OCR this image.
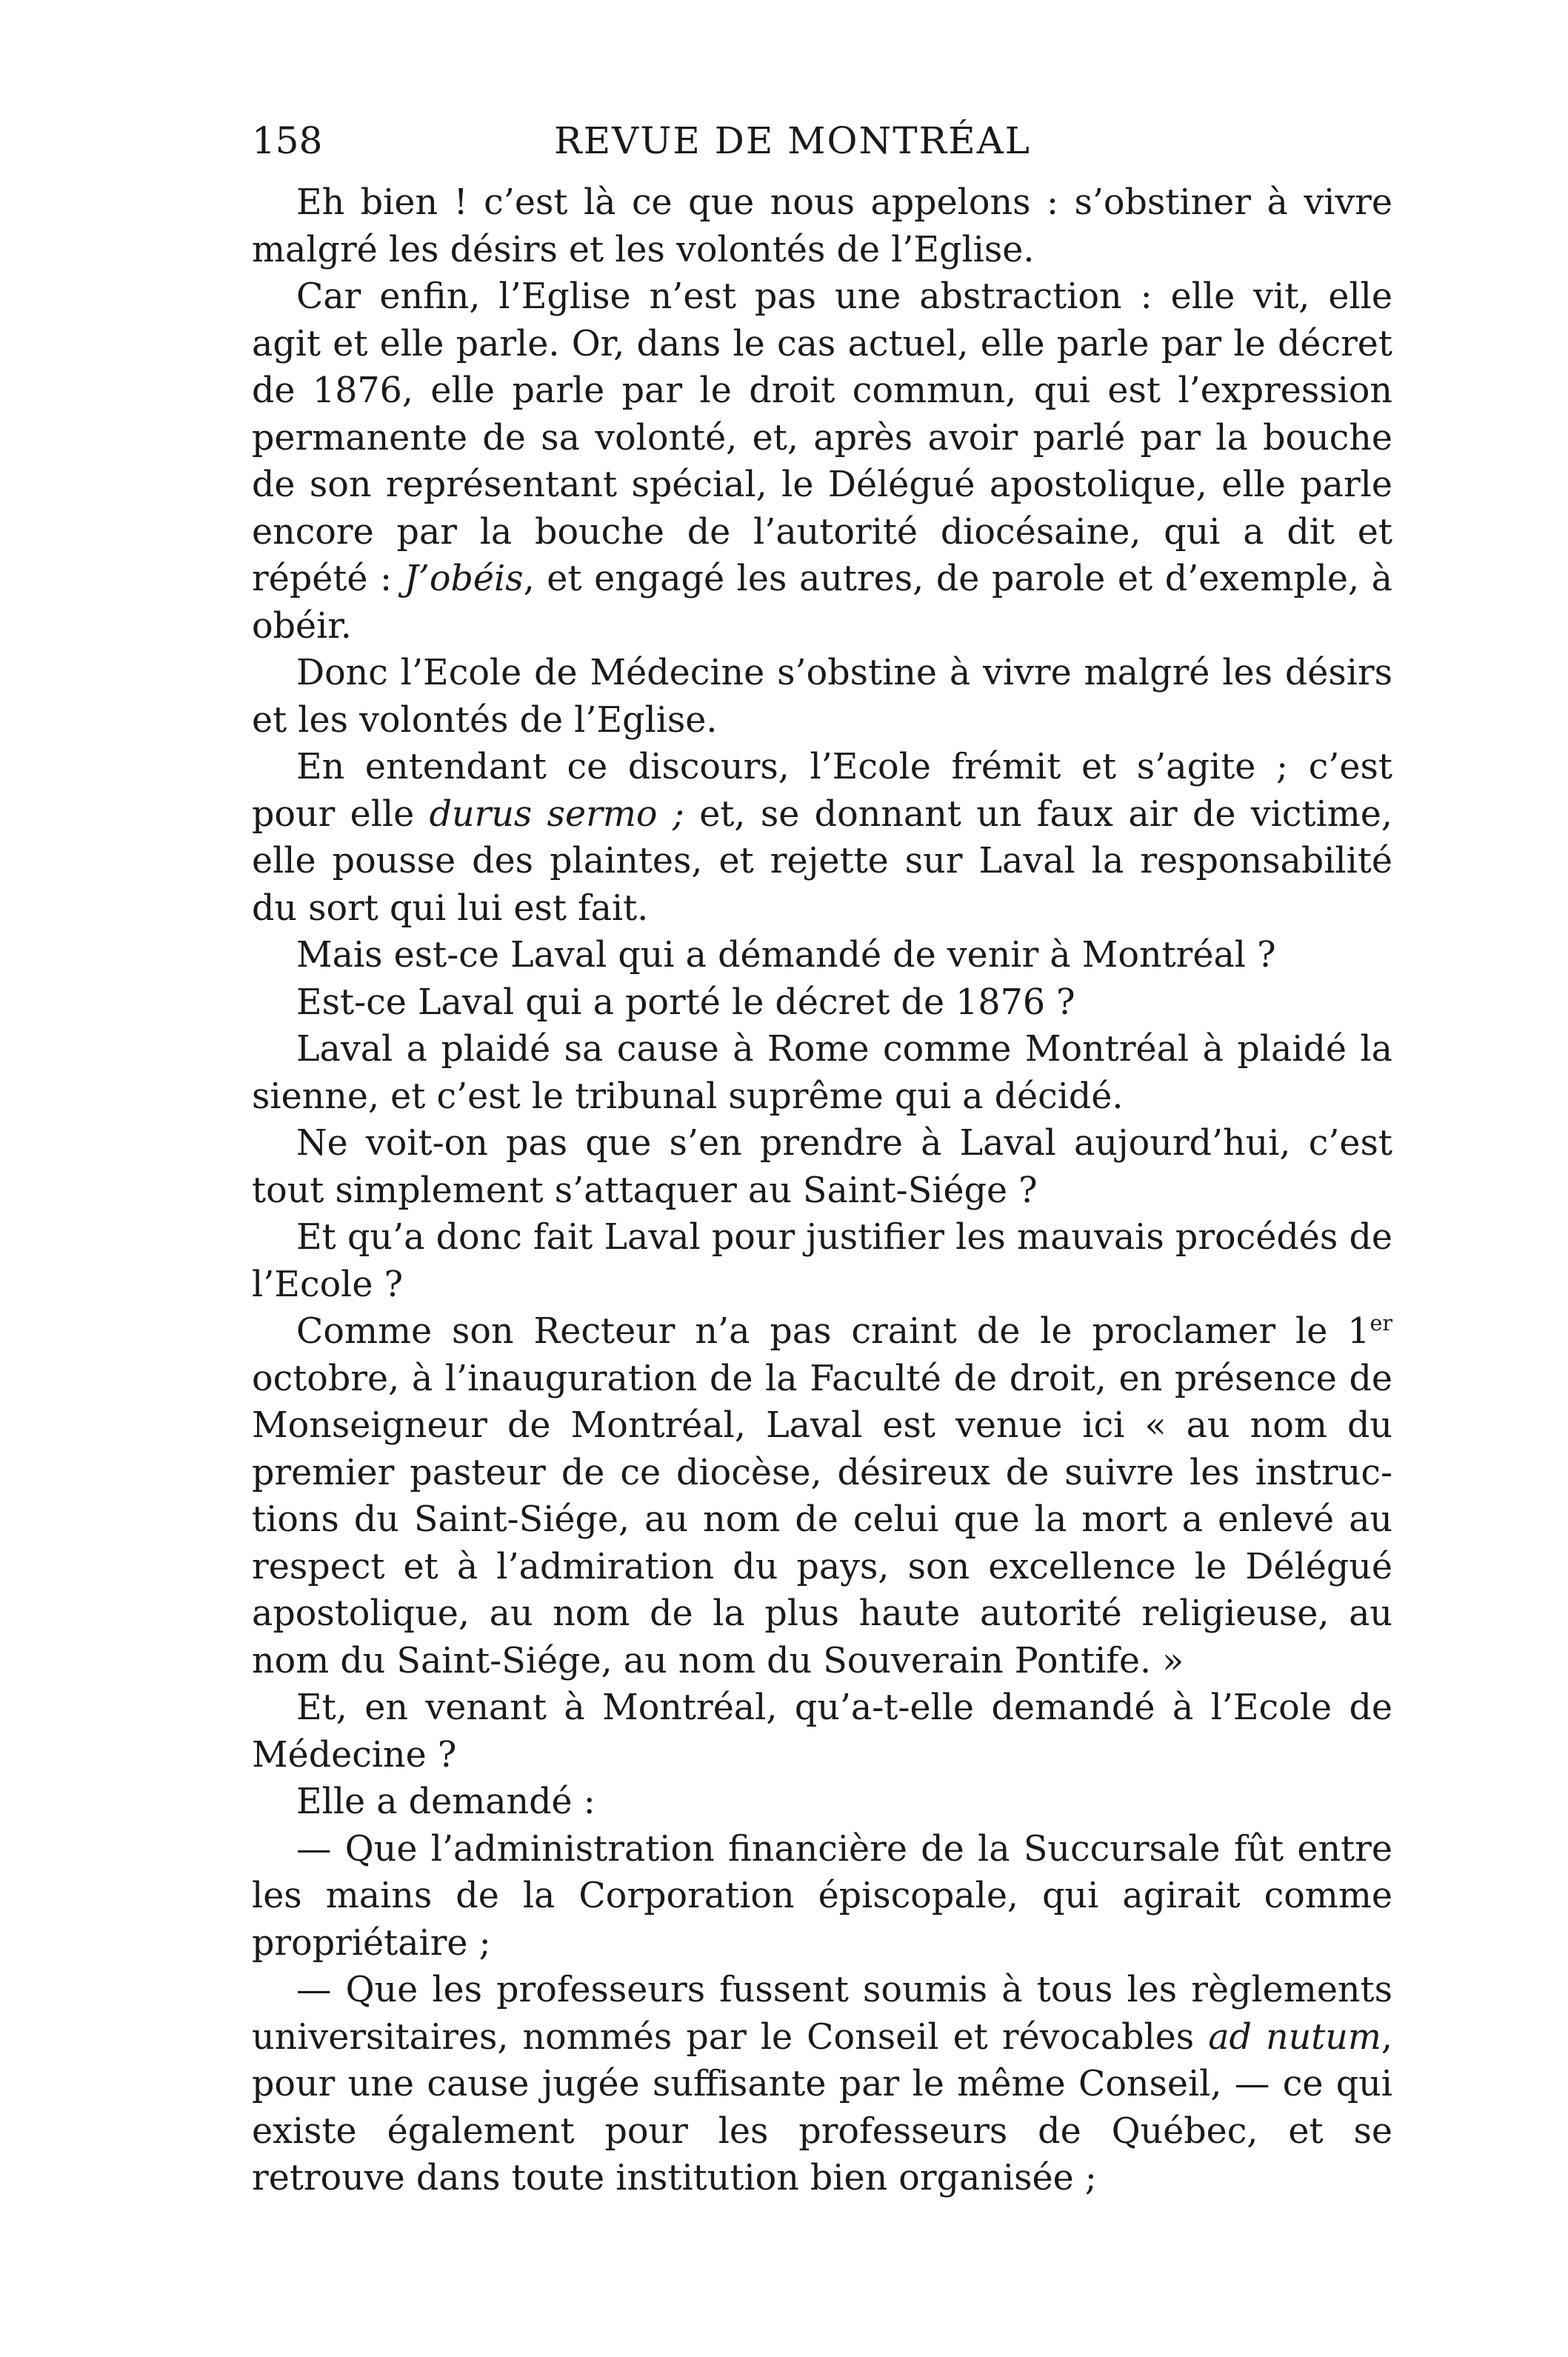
158	REVUE DE MONTRÉAL

Eh bien ! c’est là ce que nous appelons : s’obstiner à vivre malgré les désirs et les volontés de l’Eglise.

Car enfin, l’Eglise n’est pas une abstraction : elle vit, elle agit et elle parle. Or, dans le cas actuel, elle parle par le décret de 1876, elle parle par le droit commun, qui est l’expression permanente de sa volonté, et, après avoir parlé par la bouche de son représentant spécial, le Délégué apostolique, elle parle encore par la bouche de l’autorité diocésaine, qui a dit et répété : J’obéis, et engagé les autres, de parole et d’exemple, à obéir.

Donc l’Ecole de Médecine s’obstine à vivre malgré les désirs et les volontés de l’Eglise.

En entendant ce discours, l’Ecole frémit et s’agite ; c’est pour elle durus sermo ; et, se donnant un faux air de victime, elle pousse des plaintes, et rejette sur Laval la responsabilité du sort qui lui est fait.

Mais est-ce Laval qui a démandé de venir à Montréal ?

Est-ce Laval qui a porté le décret de 1876 ?

Laval a plaidé sa cause à Rome comme Montréal à plaidé la sienne, et c’est le tribunal suprême qui a décidé.

Ne voit-on pas que s’en prendre à Laval aujourd’hui, c’est tout simplement s’attaquer au Saint-Siége ?

Et qu’a donc fait Laval pour justifier les mauvais procédés de l’Ecole ?

Comme son Recteur n’a pas craint de le proclamer le 1er octobre, à l’inauguration de la Faculté de droit, en présence de Monseigneur de Montréal, Laval est venue ici « au nom du premier pasteur de ce diocèse, désireux de suivre les instructions du Saint-Siége, au nom de celui que la mort a enlevé au respect et à l’admiration du pays, son excellence le Délégué apostolique, au nom de la plus haute autorité religieuse, au nom du Saint-Siége, au nom du Souverain Pontife. »

Et, en venant à Montréal, qu’a-t-elle demandé à l’Ecole de Médecine ?

Elle a demandé :

— Que l’administration financière de la Succursale fût entre les mains de la Corporation épiscopale, qui agirait comme propriétaire ;

— Que les professeurs fussent soumis à tous les règlements universitaires, nommés par le Conseil et révocables ad nutum, pour une cause jugée suffisante par le même Conseil, — ce qui existe également pour les professeurs de Québec, et se retrouve dans toute institution bien organisée ;
